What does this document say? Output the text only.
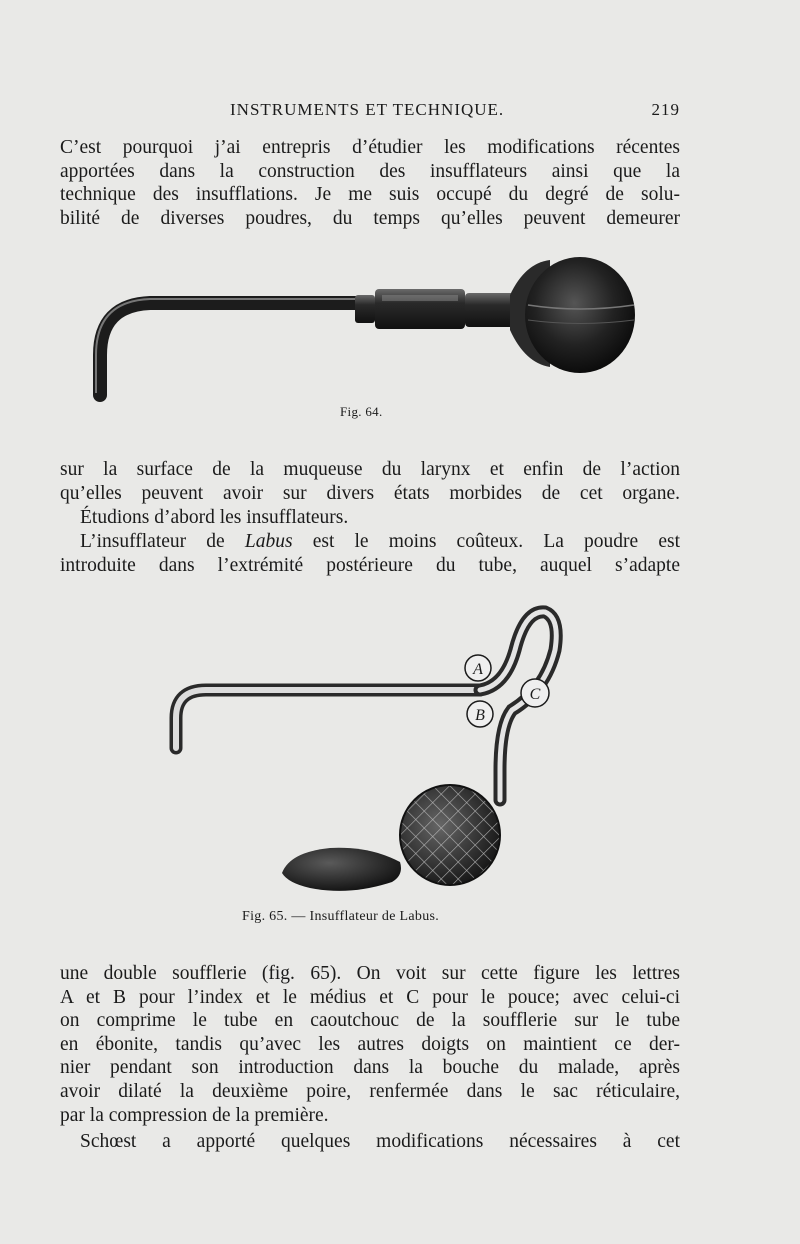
INSTRUMENTS ET TECHNIQUE.	219
C’est pourquoi j’ai entrepris d’étudier les modifications récentes
apportées dans la construction des insufflateurs ainsi que la
technique des insufflations. Je me suis occupé du degré de solu-
bilité de diverses poudres, du temps qu’elles peuvent demeurer
Fig. 64.
sur la surface de la muqueuse du larynx et enfin de l’action
qu’elles peuvent avoir sur divers états morbides de cet organe.
Étudions d’abord les insufflateurs.
L’insufflateur de Labus est le moins coûteux. La poudre est
introduite dans l’extrémité postérieure du tube, auquel s’adapte
A
B
C
Fig. 65. — Insufflateur de Labus.
une double soufflerie (fig. 65). On voit sur cette figure les lettres
A et B pour l’index et le médius et C pour le pouce; avec celui-ci
on comprime le tube en caoutchouc de la soufflerie sur le tube
en ébonite, tandis qu’avec les autres doigts on maintient ce der-
nier pendant son introduction dans la bouche du malade, après
avoir dilaté la deuxième poire, renfermée dans le sac réticulaire,
par la compression de la première.
Schœst a apporté quelques modifications nécessaires à cet
